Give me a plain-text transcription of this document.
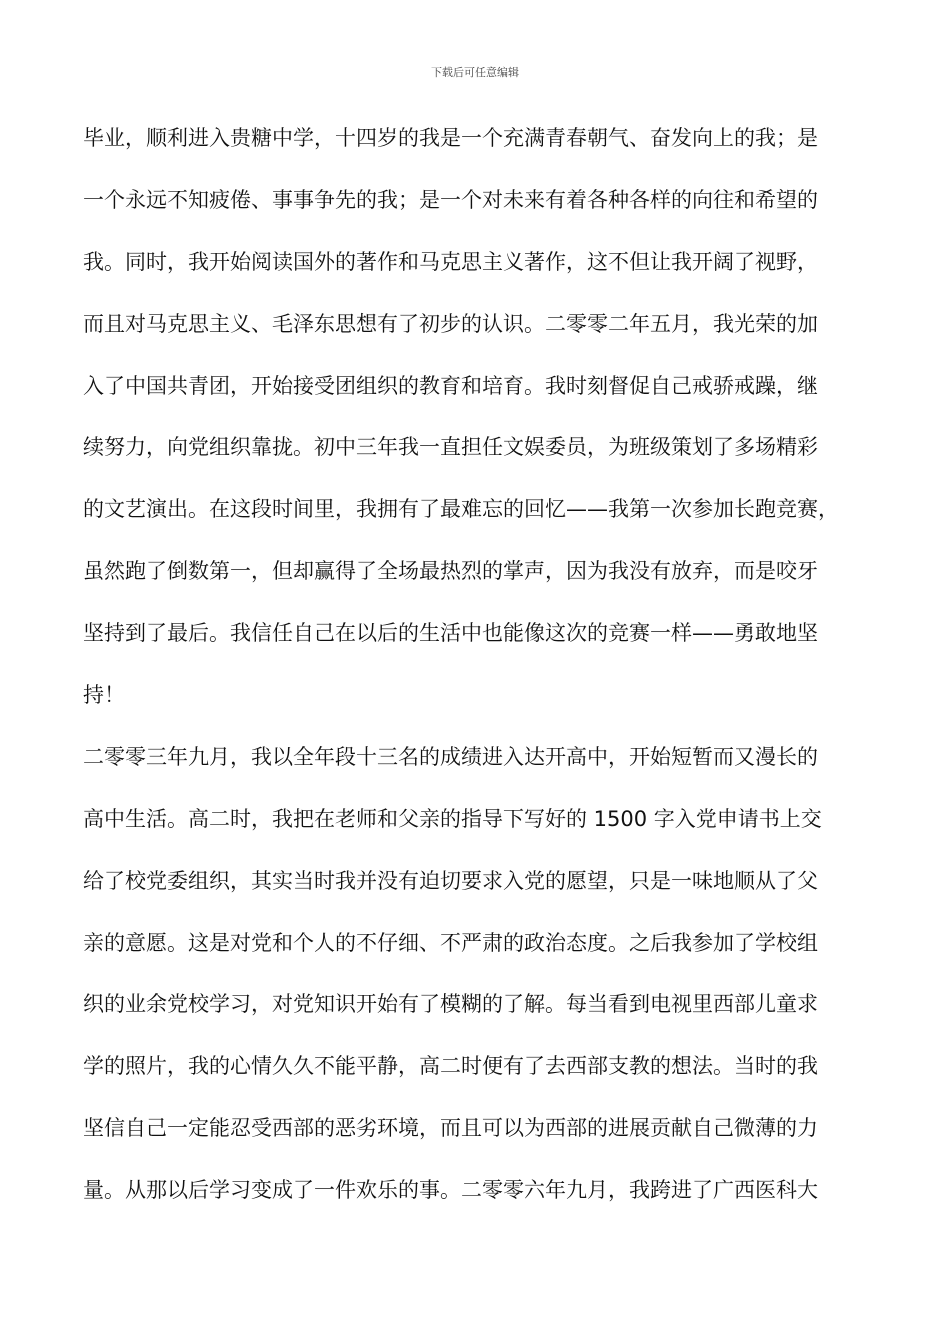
下载后可任意编辑
毕业，顺利进入贵糖中学，十四岁的我是一个充满青春朝气、奋发向上的我；是
一个永远不知疲倦、事事争先的我；是一个对未来有着各种各样的向往和希望的
我。同时，我开始阅读国外的著作和马克思主义著作，这不但让我开阔了视野，
而且对马克思主义、毛泽东思想有了初步的认识。二零零二年五月，我光荣的加
入了中国共青团，开始接受团组织的教育和培育。我时刻督促自己戒骄戒躁，继
续努力，向党组织靠拢。初中三年我一直担任文娱委员，为班级策划了多场精彩
的文艺演出。在这段时间里，我拥有了最难忘的回忆——我第一次参加长跑竞赛，
虽然跑了倒数第一，但却赢得了全场最热烈的掌声，因为我没有放弃，而是咬牙
坚持到了最后。我信任自己在以后的生活中也能像这次的竞赛一样——勇敢地坚
持！
二零零三年九月，我以全年段十三名的成绩进入达开高中，开始短暂而又漫长的
高中生活。高二时，我把在老师和父亲的指导下写好的 1500 字入党申请书上交
给了校党委组织，其实当时我并没有迫切要求入党的愿望，只是一味地顺从了父
亲的意愿。这是对党和个人的不仔细、不严肃的政治态度。之后我参加了学校组
织的业余党校学习，对党知识开始有了模糊的了解。每当看到电视里西部儿童求
学的照片，我的心情久久不能平静，高二时便有了去西部支教的想法。当时的我
坚信自己一定能忍受西部的恶劣环境，而且可以为西部的进展贡献自己微薄的力
量。从那以后学习变成了一件欢乐的事。二零零六年九月，我跨进了广西医科大
